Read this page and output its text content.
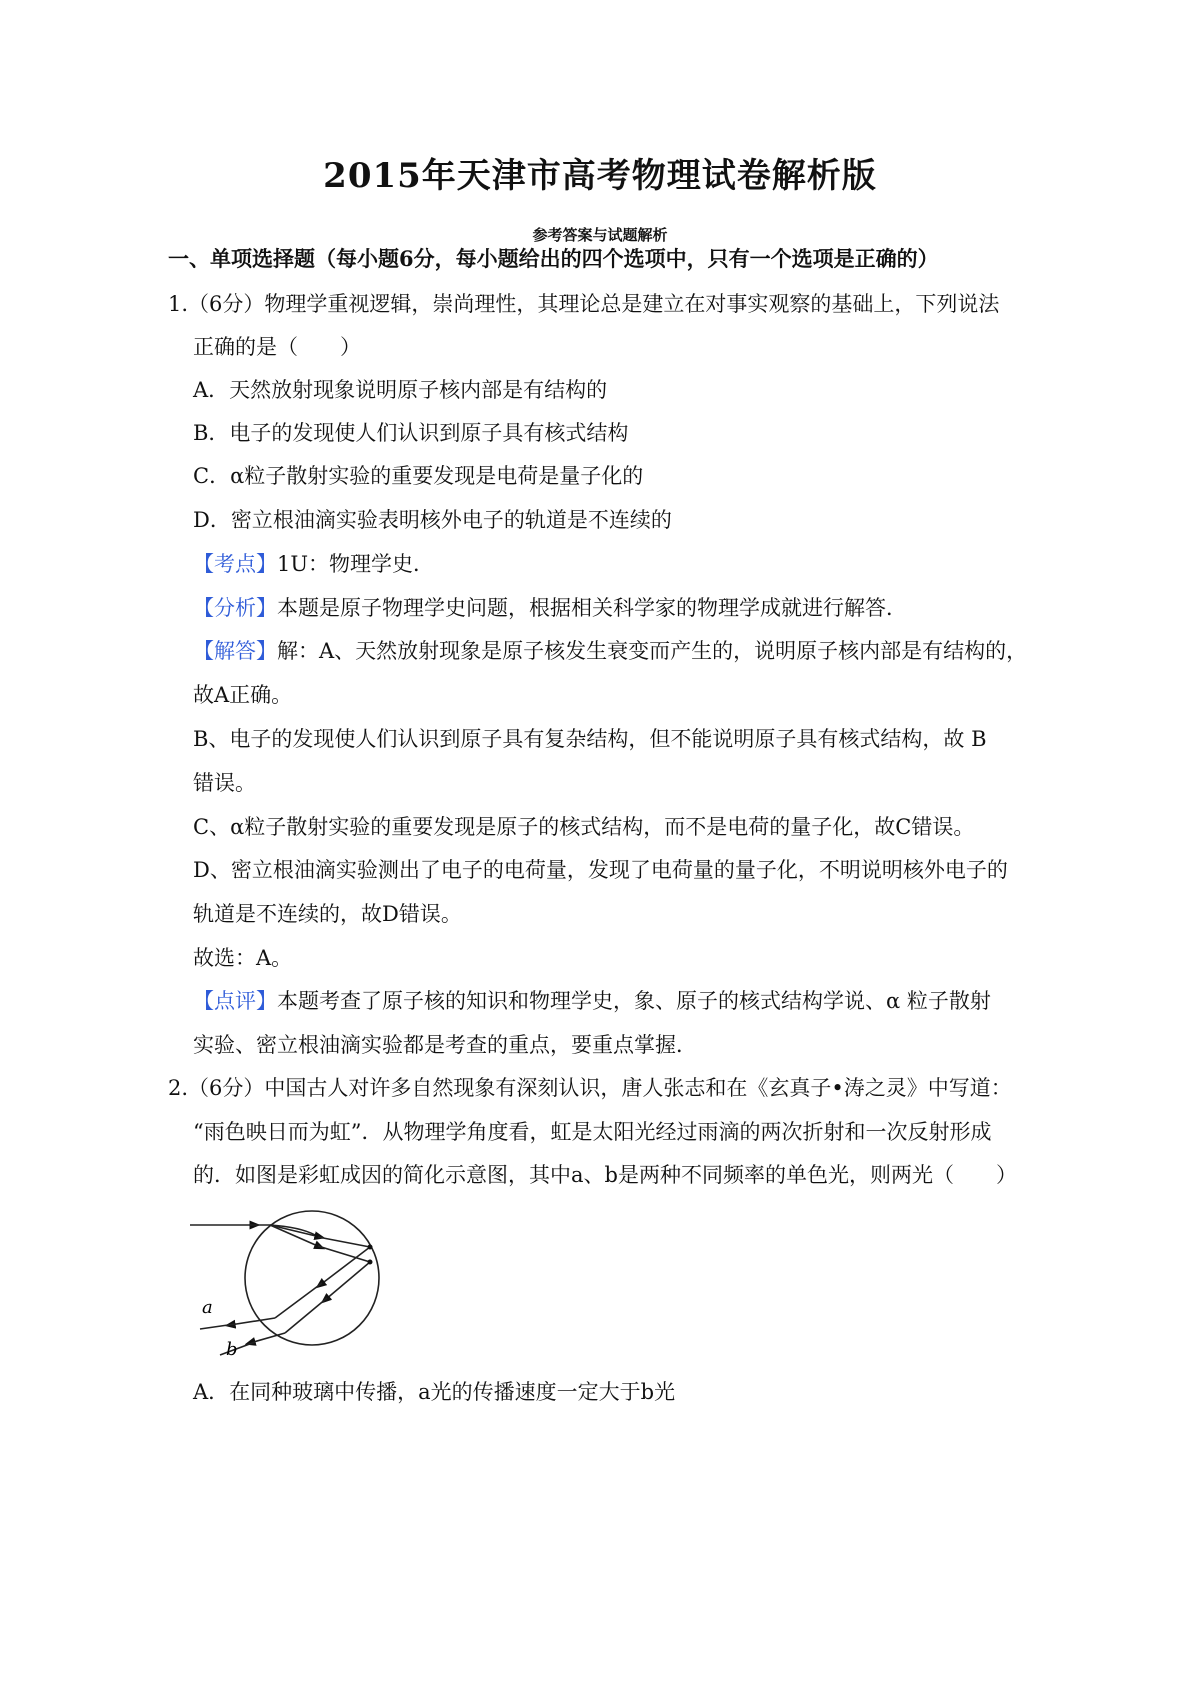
2015年天津市高考物理试卷解析版
参考答案与试题解析
一、单项选择题（每小题6分，每小题给出的四个选项中，只有一个选项是正确的）
1.（6分）物理学重视逻辑，崇尚理性，其理论总是建立在对事实观察的基础上，下列说法
正确的是（　　）
A．天然放射现象说明原子核内部是有结构的
B．电子的发现使人们认识到原子具有核式结构
C．α粒子散射实验的重要发现是电荷是量子化的
D．密立根油滴实验表明核外电子的轨道是不连续的
【考点】1U：物理学史．
【分析】本题是原子物理学史问题，根据相关科学家的物理学成就进行解答．
【解答】解：A、天然放射现象是原子核发生衰变而产生的，说明原子核内部是有结构的，
故A正确。
B、电子的发现使人们认识到原子具有复杂结构，但不能说明原子具有核式结构，故 B
错误。
C、α粒子散射实验的重要发现是原子的核式结构，而不是电荷的量子化，故C错误。
D、密立根油滴实验测出了电子的电荷量，发现了电荷量的量子化，不明说明核外电子的
轨道是不连续的，故D错误。
故选：A。
【点评】本题考查了原子核的知识和物理学史，象、原子的核式结构学说、α 粒子散射
实验、密立根油滴实验都是考查的重点，要重点掌握．
2.（6分）中国古人对许多自然现象有深刻认识，唐人张志和在《玄真子•涛之灵》中写道：
“雨色映日而为虹”．从物理学角度看，虹是太阳光经过雨滴的两次折射和一次反射形成
的．如图是彩虹成因的简化示意图，其中a、b是两种不同频率的单色光，则两光（　　）
a
b
A．在同种玻璃中传播，a光的传播速度一定大于b光
